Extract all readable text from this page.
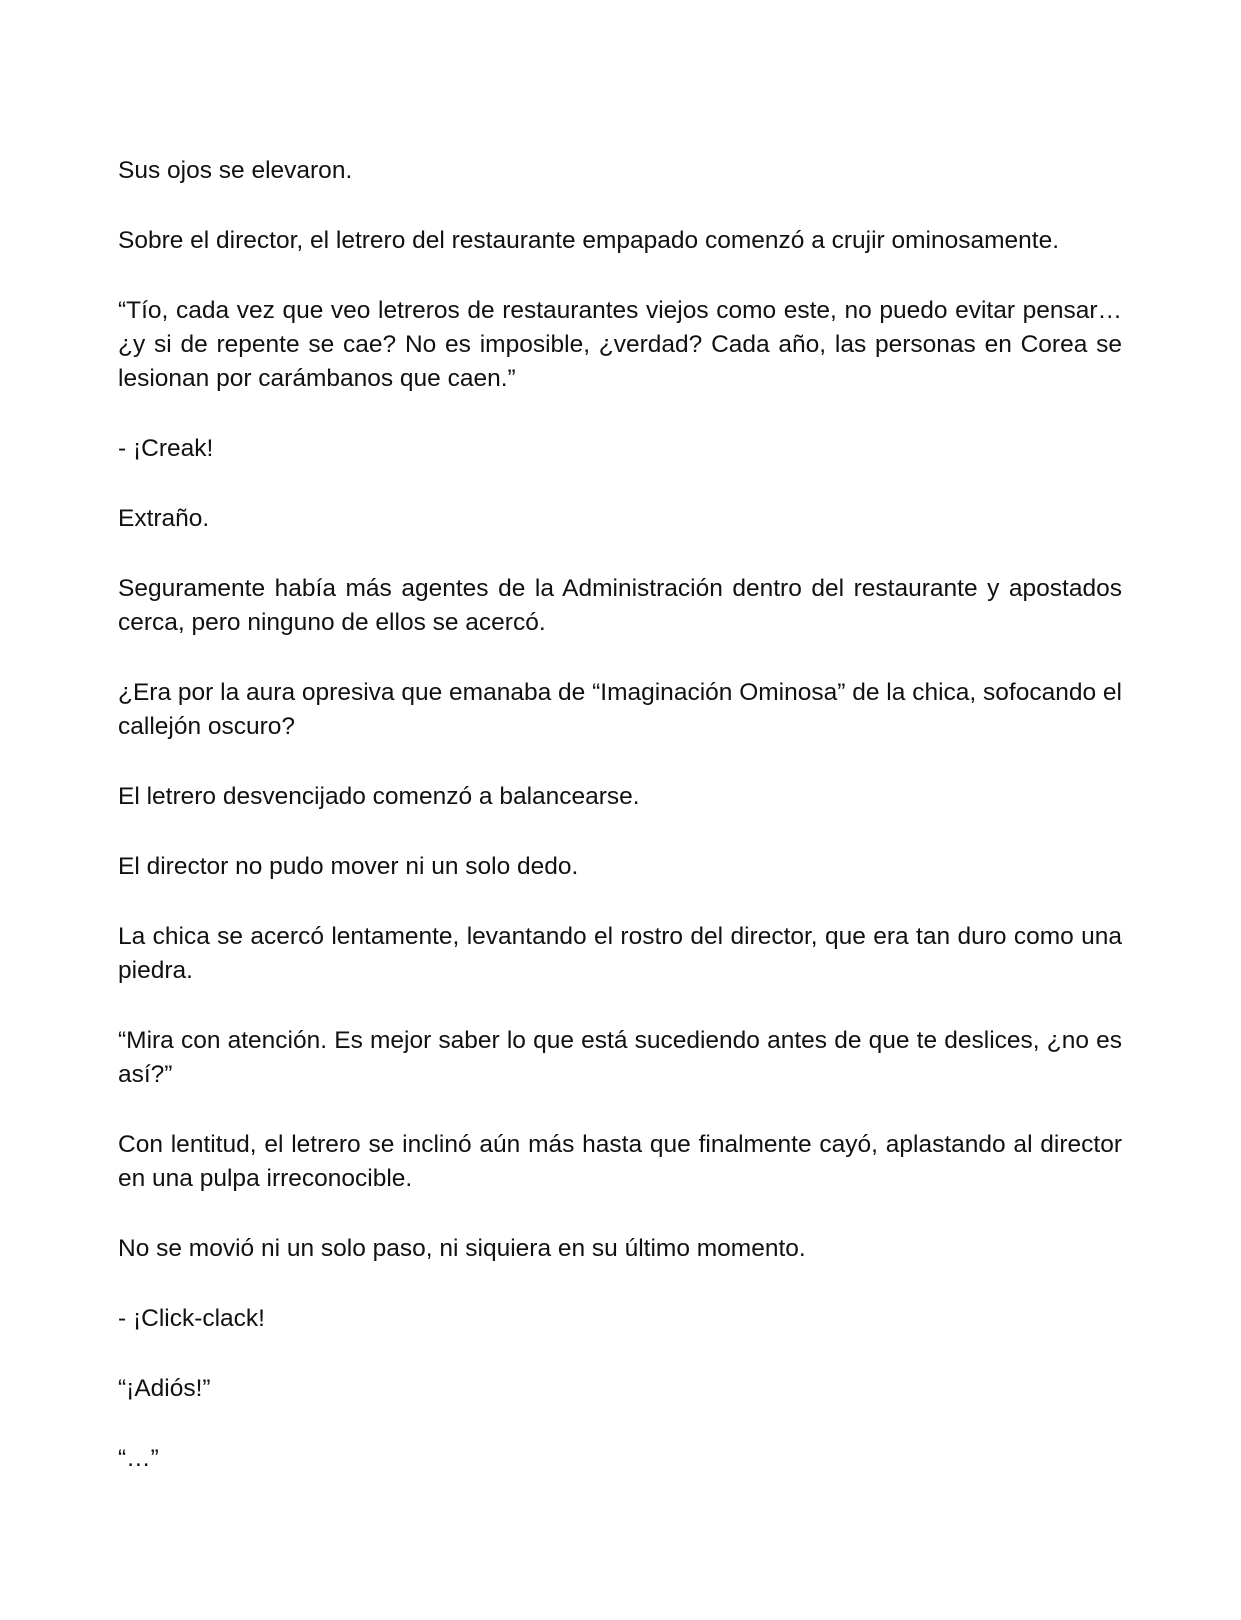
Sus ojos se elevaron.

Sobre el director, el letrero del restaurante empapado comenzó a crujir ominosamente.

“Tío, cada vez que veo letreros de restaurantes viejos como este, no puedo evitar pensar… ¿y si de repente se cae? No es imposible, ¿verdad? Cada año, las personas en Corea se lesionan por carámbanos que caen.”

- ¡Creak!

Extraño.

Seguramente había más agentes de la Administración dentro del restaurante y apostados cerca, pero ninguno de ellos se acercó.

¿Era por la aura opresiva que emanaba de “Imaginación Ominosa” de la chica, sofocando el callejón oscuro?

El letrero desvencijado comenzó a balancearse.

El director no pudo mover ni un solo dedo.

La chica se acercó lentamente, levantando el rostro del director, que era tan duro como una piedra.

“Mira con atención. Es mejor saber lo que está sucediendo antes de que te deslices, ¿no es así?”

Con lentitud, el letrero se inclinó aún más hasta que finalmente cayó, aplastando al director en una pulpa irreconocible.

No se movió ni un solo paso, ni siquiera en su último momento.

- ¡Click-clack!

“¡Adiós!”

“…”
